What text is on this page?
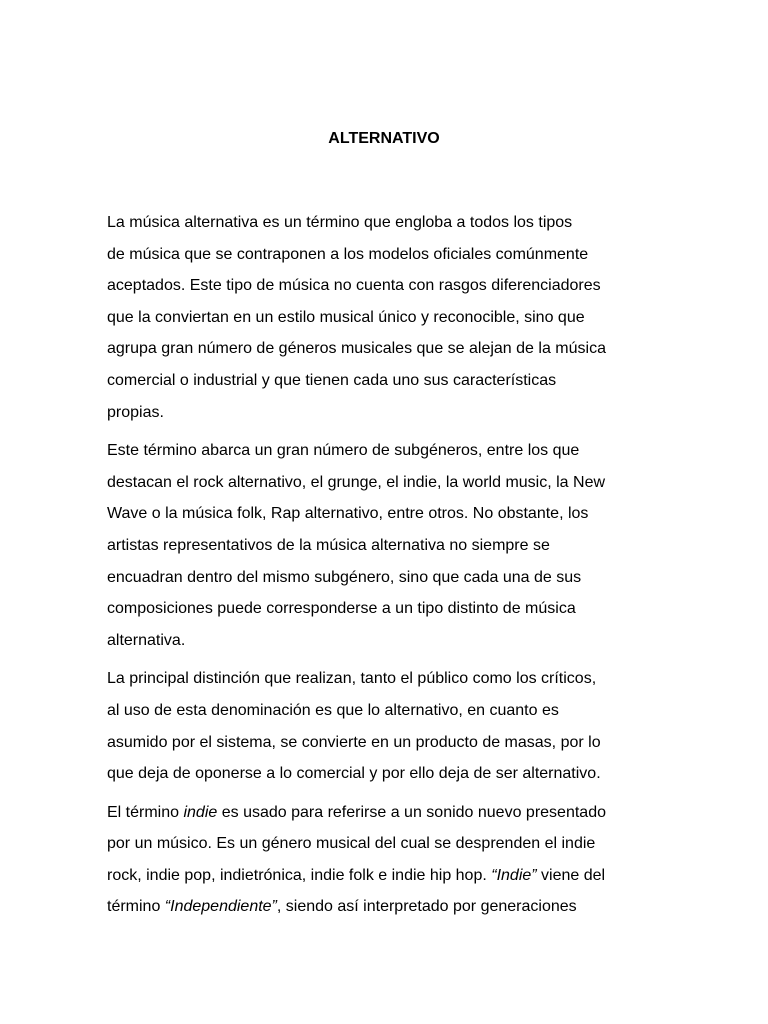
ALTERNATIVO

La música alternativa es un término que engloba a todos los tipos
de música que se contraponen a los modelos oficiales comúnmente
aceptados. Este tipo de música no cuenta con rasgos diferenciadores
que la conviertan en un estilo musical único y reconocible, sino que
agrupa gran número de géneros musicales que se alejan de la música
comercial o industrial y que tienen cada uno sus características
propias.

Este término abarca un gran número de subgéneros, entre los que
destacan el rock alternativo, el grunge, el indie, la world music, la New
Wave o la música folk, Rap alternativo, entre otros. No obstante, los
artistas representativos de la música alternativa no siempre se
encuadran dentro del mismo subgénero, sino que cada una de sus
composiciones puede corresponderse a un tipo distinto de música
alternativa.

La principal distinción que realizan, tanto el público como los críticos,
al uso de esta denominación es que lo alternativo, en cuanto es
asumido por el sistema, se convierte en un producto de masas, por lo
que deja de oponerse a lo comercial y por ello deja de ser alternativo.

El término indie es usado para referirse a un sonido nuevo presentado
por un músico. Es un género musical del cual se desprenden el indie
rock, indie pop, indietrónica, indie folk e indie hip hop. “Indie” viene del
término “Independiente”, siendo así interpretado por generaciones
